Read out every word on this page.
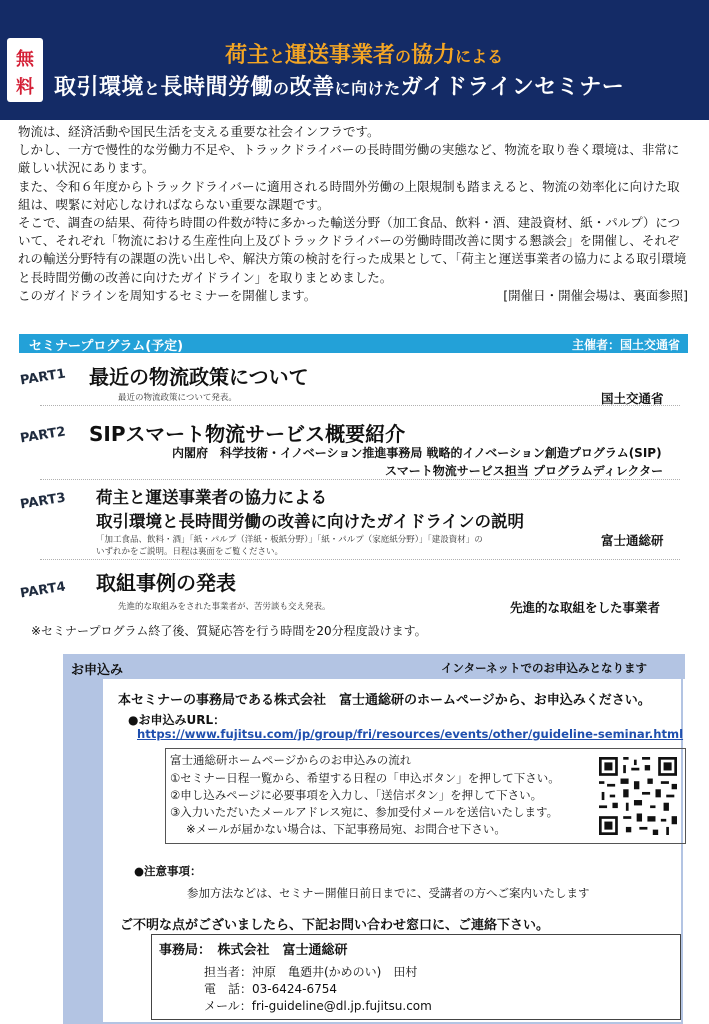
無
料
荷主と運送事業者の協力による
取引環境と長時間労働の改善に向けたガイドラインセミナー

物流は、経済活動や国民生活を支える重要な社会インフラです。

しかし、一方で慢性的な労働力不足や、トラックドライバーの長時間労働の実態など、物流を取り巻く環境は、非常に厳しい状況にあります。

また、令和６年度からトラックドライバーに適用される時間外労働の上限規制も踏まえると、物流の効率化に向けた取組は、喫緊に対応しなければならない重要な課題です。

そこで、調査の結果、荷待ち時間の件数が特に多かった輸送分野（加工食品、飲料・酒、建設資材、紙・パルプ）について、それぞれ「物流における生産性向上及びトラックドライバーの労働時間改善に関する懇談会」を開催し、それぞれの輸送分野特有の課題の洗い出しや、解決方策の検討を行った成果として、「荷主と運送事業者の協力による取引環境と長時間労働の改善に向けたガイドライン」を取りまとめました。

このガイドラインを周知するセミナーを開催します。	[開催日・開催会場は、裏面参照]

セミナープログラム(予定)	主催者：国土交通省
PART1 最近の物流政策について
最近の物流政策について発表。	国土交通省
PART2 SIPスマート物流サービス概要紹介
内閣府　科学技術・イノベーション推進事務局 戦略的イノベーション創造プログラム(SIP)
スマート物流サービス担当 プログラムディレクター
PART3 荷主と運送事業者の協力による
取引環境と長時間労働の改善に向けたガイドラインの説明
「加工食品、飲料・酒」「紙・パルプ（洋紙・板紙分野）」「紙・パルプ（家庭紙分野）」「建設資材」の
いずれかをご説明。日程は裏面をご覧ください。
富士通総研
PART4 取組事例の発表
先進的な取組みをされた事業者が、苦労談も交え発表。	先進的な取組をした事業者
※セミナープログラム終了後、質疑応答を行う時間を20分程度設けます。
お申込み	インターネットでのお申込みとなります
本セミナーの事務局である株式会社　富士通総研のホームページから、お申込みください。
●お申込みURL：
https://www.fujitsu.com/jp/group/fri/resources/events/other/guideline-seminar.html
富士通総研ホームページからのお申込みの流れ
①セミナー日程一覧から、希望する日程の「申込ボタン」を押して下さい。
②申し込みページに必要事項を入力し、「送信ボタン」を押して下さい。
③入力いただいたメールアドレス宛に、参加受付メールを送信いたします。
※メールが届かない場合は、下記事務局宛、お問合せ下さい。
●注意事項：
参加方法などは、セミナー開催日前日までに、受講者の方へご案内いたします
ご不明な点がございましたら、下記お問い合わせ窓口に、ご連絡下さい。
事務局：　株式会社　富士通総研
担当者：沖原　亀廼井(かめのい)　田村
電　話：03-6424-6754
メール：fri-guideline@dl.jp.fujitsu.com
